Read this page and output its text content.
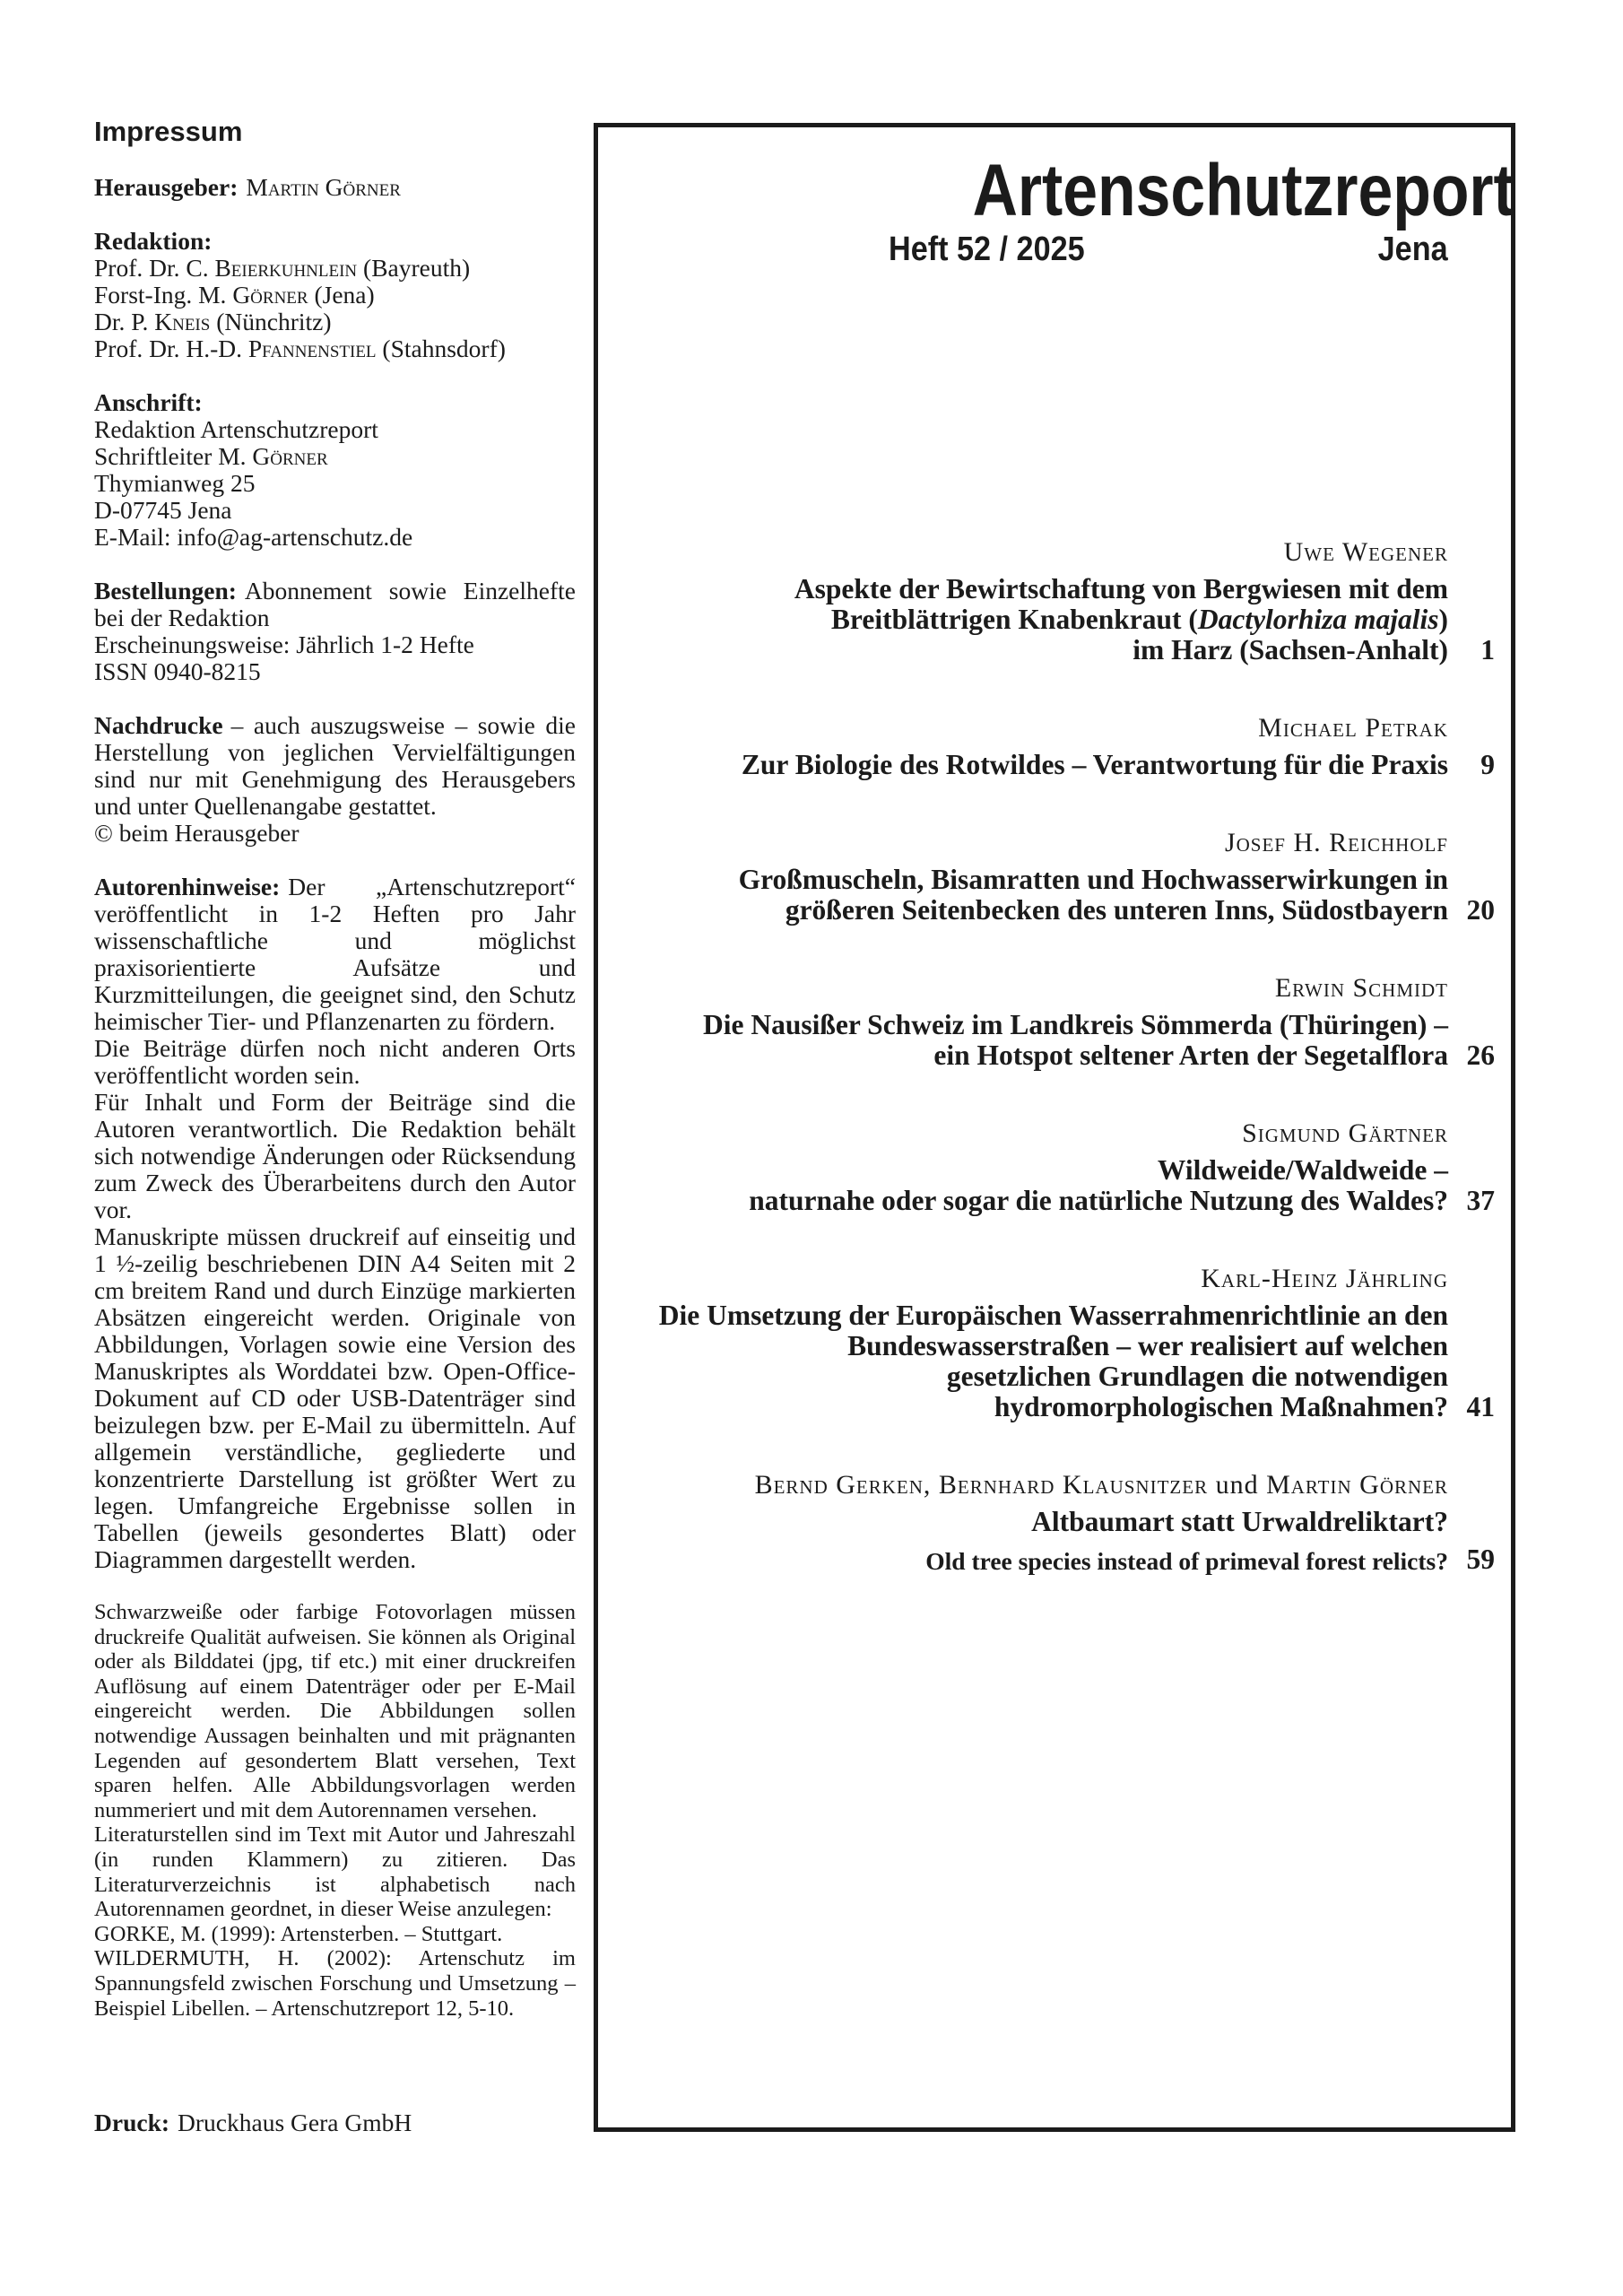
Impressum

Herausgeber: Martin Görner

Redaktion:
Prof. Dr. C. Beierkuhnlein (Bayreuth)
Forst-Ing. M. Görner (Jena)
Dr. P. Kneis (Nünchritz)
Prof. Dr. H.-D. Pfannenstiel (Stahnsdorf)
Anschrift:
Redaktion Artenschutzreport
Schriftleiter M. Görner
Thymianweg 25
D-07745 Jena
E-Mail: info@ag-artenschutz.de

Bestellungen: Abonnement sowie Einzelhefte bei der Redaktion

Erscheinungsweise: Jährlich 1-2 Hefte
ISSN 0940-8215

Nachdrucke – auch auszugsweise – sowie die Herstellung von jeglichen Vervielfältigungen sind nur mit Genehmigung des Herausgebers und unter Quellenangabe gestattet.

© beim Herausgeber

Autorenhinweise: Der „Artenschutzreport“ veröffentlicht in 1-2 Heften pro Jahr wissenschaftliche und möglichst praxisorientierte Aufsätze und Kurzmitteilungen, die geeignet sind, den Schutz heimischer Tier- und Pflanzenarten zu fördern.

Die Beiträge dürfen noch nicht anderen Orts veröffentlicht worden sein.

Für Inhalt und Form der Beiträge sind die Autoren verantwortlich. Die Redaktion behält sich notwendige Änderungen oder Rücksendung zum Zweck des Überarbeitens durch den Autor vor.

Manuskripte müssen druckreif auf einseitig und 1 ½-zeilig beschriebenen DIN A4 Seiten mit 2 cm breitem Rand und durch Einzüge markierten Absätzen eingereicht werden. Originale von Abbildungen, Vorlagen sowie eine Version des Manuskriptes als Worddatei bzw. Open-Office-Dokument auf CD oder USB-Datenträger sind beizulegen bzw. per E-Mail zu übermitteln. Auf allgemein verständliche, gegliederte und konzentrierte Darstellung ist größter Wert zu legen. Umfangreiche Ergebnisse sollen in Tabellen (jeweils gesondertes Blatt) oder Diagrammen dargestellt werden.

Schwarzweiße oder farbige Fotovorlagen müssen druckreife Qualität aufweisen. Sie können als Original oder als Bilddatei (jpg, tif etc.) mit einer druckreifen Auflösung auf einem Datenträger oder per E-Mail eingereicht werden. Die Abbildungen sollen notwendige Aussagen beinhalten und mit prägnanten Legenden auf gesondertem Blatt versehen, Text sparen helfen. Alle Abbildungsvorlagen werden nummeriert und mit dem Autorennamen versehen.

Literaturstellen sind im Text mit Autor und Jahreszahl (in runden Klammern) zu zitieren. Das Literaturverzeichnis ist alphabetisch nach Autorennamen geordnet, in dieser Weise anzulegen:

GORKE, M. (1999): Artensterben. – Stuttgart.

WILDERMUTH, H. (2002): Artenschutz im Spannungsfeld zwischen Forschung und Umsetzung – Beispiel Libellen. – Artenschutzreport 12, 5-10.

Druck: Druckhaus Gera GmbH
Artenschutzreport
Heft 52 / 2025	Jena
Uwe Wegener
Aspekte der Bewirtschaftung von Bergwiesen mit dem
Breitblättrigen Knabenkraut (Dactylorhiza majalis)
im Harz (Sachsen-Anhalt)	1
Michael Petrak
Zur Biologie des Rotwildes – Verantwortung für die Praxis	9
Josef H. Reichholf
Großmuscheln, Bisamratten und Hochwasserwirkungen in
größeren Seitenbecken des unteren Inns, Südostbayern 20
Erwin Schmidt
Die Nausißer Schweiz im Landkreis Sömmerda (Thüringen) –
ein Hotspot seltener Arten der Segetalflora 26
Sigmund Gärtner
Wildweide/Waldweide –
naturnahe oder sogar die natürliche Nutzung des Waldes? 37
Karl-Heinz Jährling
Die Umsetzung der Europäischen Wasserrahmenrichtlinie an den
Bundeswasserstraßen – wer realisiert auf welchen
gesetzlichen Grundlagen die notwendigen
hydromorphologischen Maßnahmen? 41
Bernd Gerken, Bernhard Klausnitzer und Martin Görner
Altbaumart statt Urwaldreliktart?
Old tree species instead of primeval forest relicts? 59
